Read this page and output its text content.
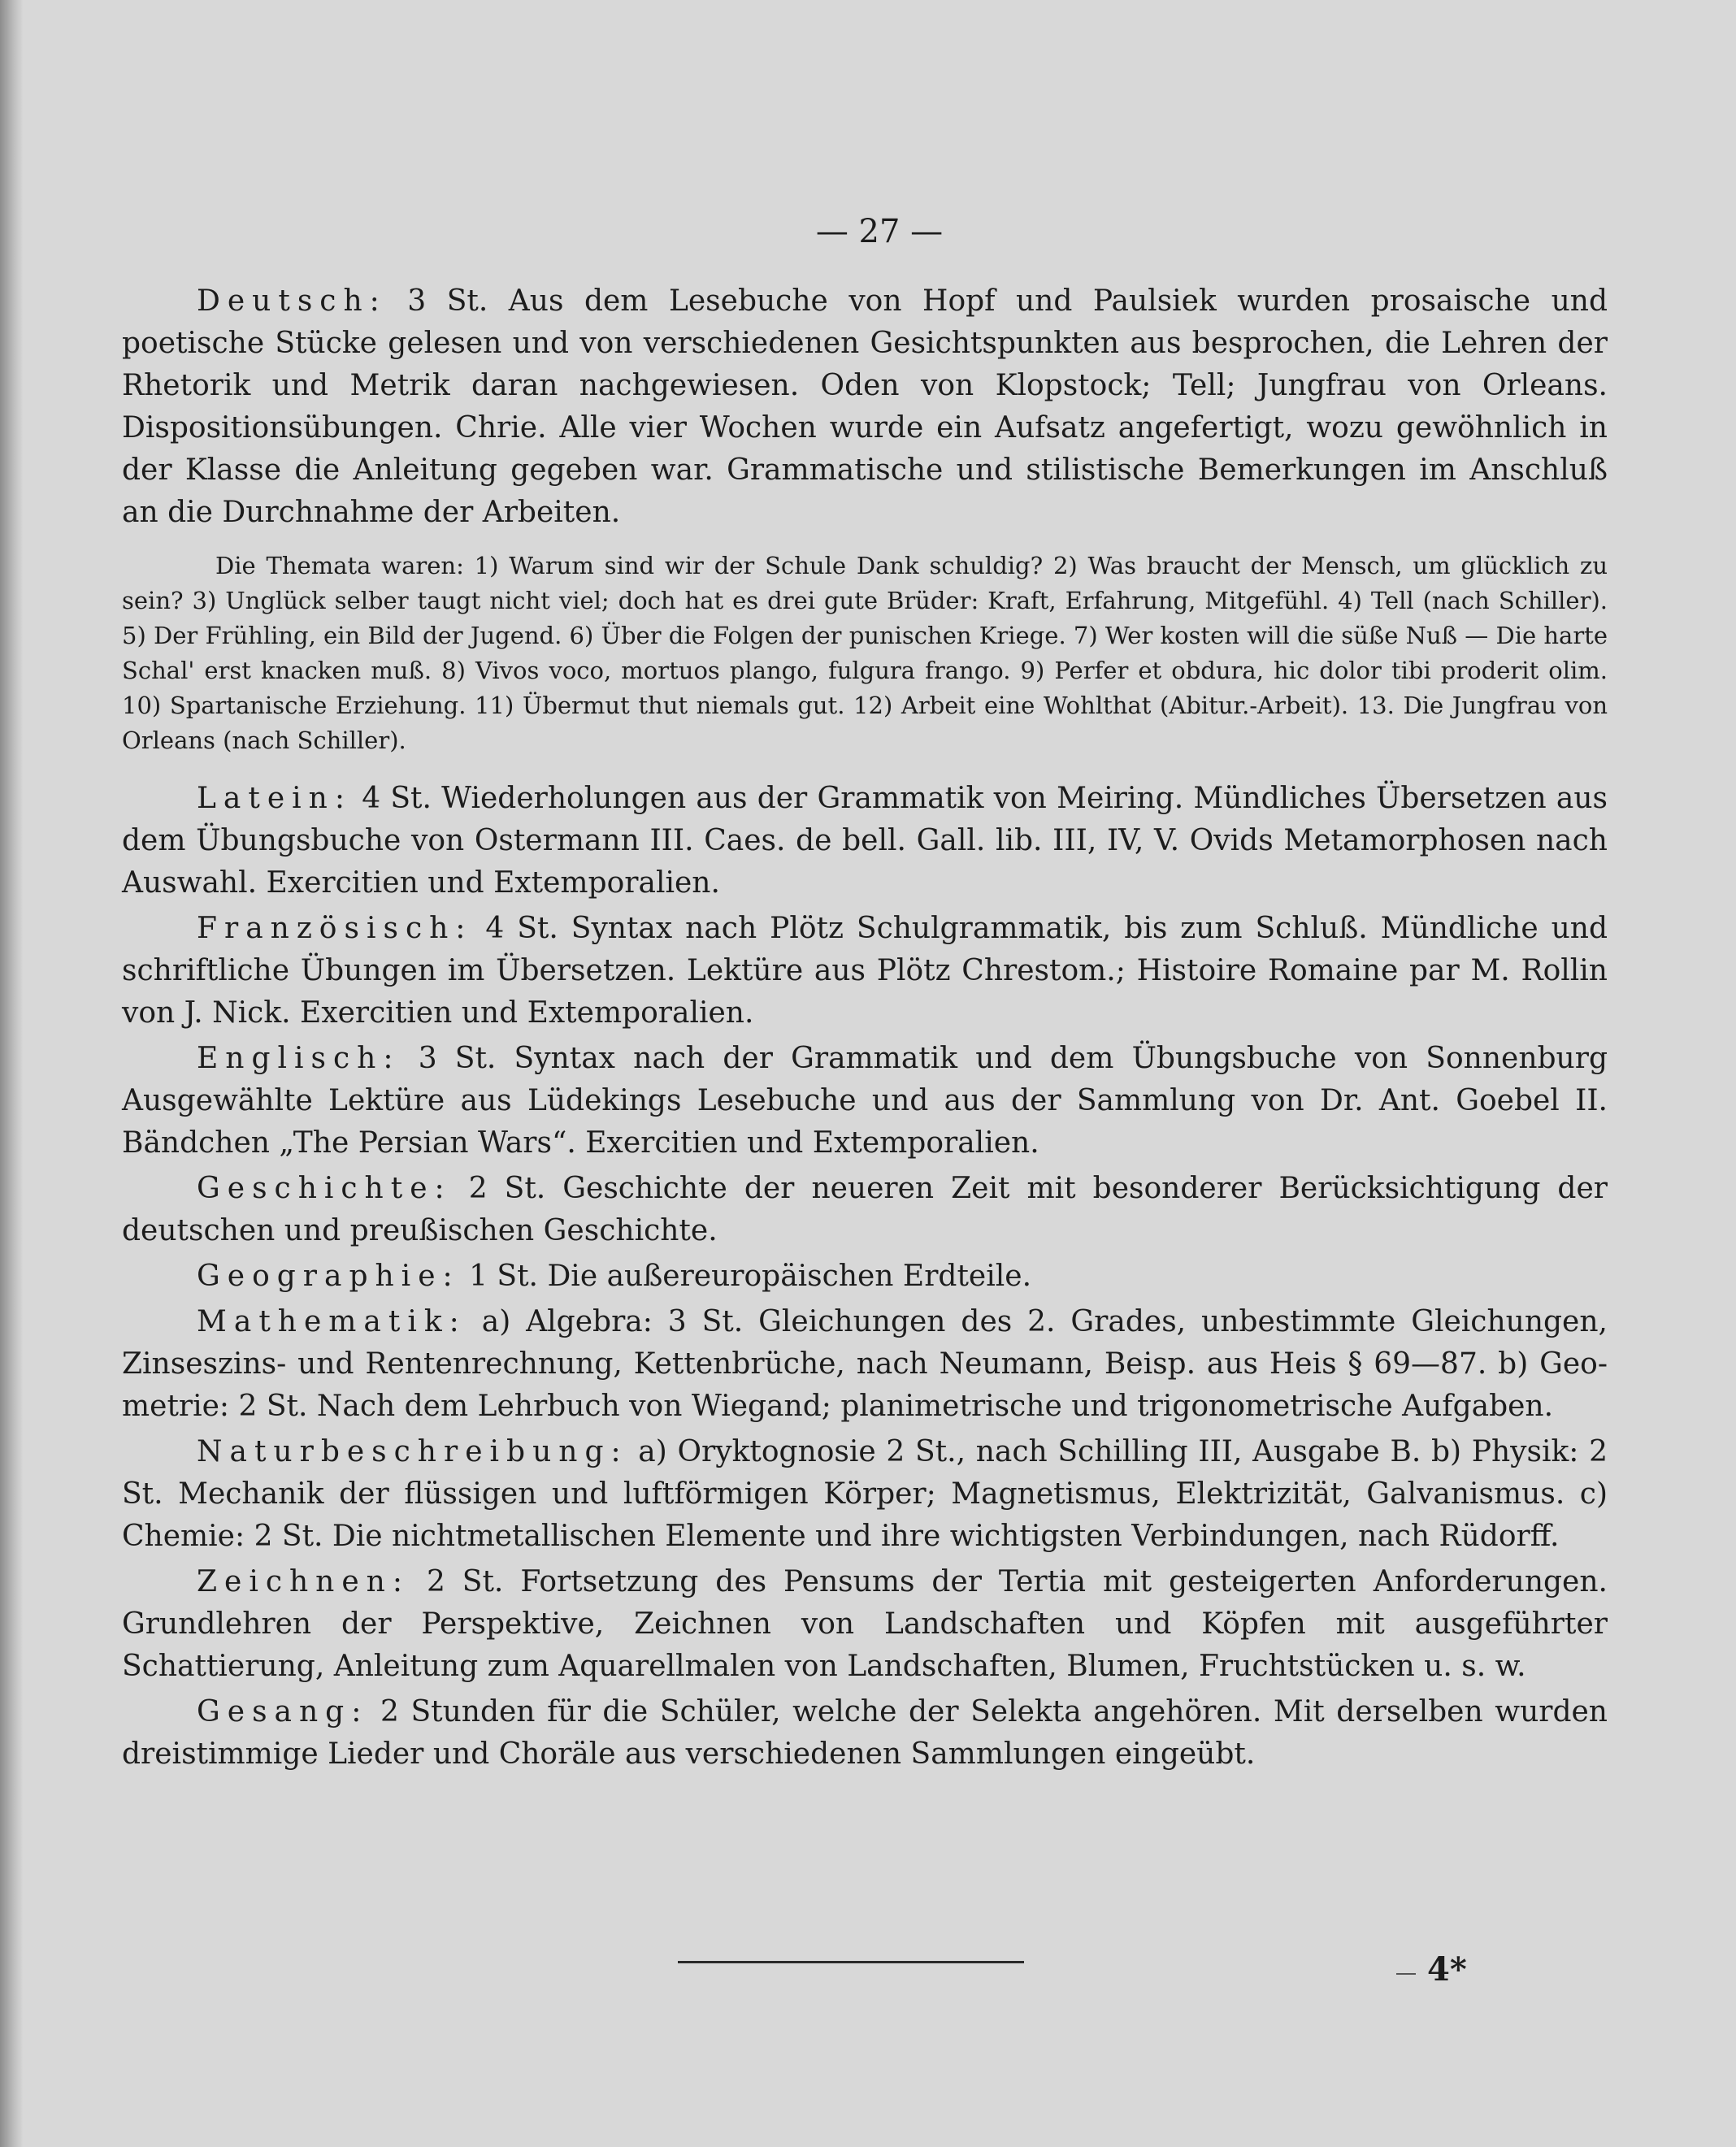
— 27 —

Deutsch: 3 St. Aus dem Lesebuche von Hopf und Paulsiek wurden prosaische und poetische Stücke gelesen und von verschiedenen Gesichtspunkten aus besprochen, die Lehren der Rhetorik und Metrik daran nachgewiesen. Oden von Klopstock; Tell; Jungfrau von Orleans. Dispositionsübungen. Chrie. Alle vier Wochen wurde ein Aufsatz angefertigt, wozu gewöhnlich in der Klasse die Anleitung gegeben war. Grammatische und stilistische Bemerkungen im Anschluß an die Durchnahme der Arbeiten.

Die Themata waren: 1) Warum sind wir der Schule Dank schuldig? 2) Was braucht der Mensch, um glücklich zu sein? 3) Unglück selber taugt nicht viel; doch hat es drei gute Brüder: Kraft, Erfahrung, Mitgefühl. 4) Tell (nach Schiller). 5) Der Frühling, ein Bild der Jugend. 6) Über die Folgen der punischen Kriege. 7) Wer kosten will die süße Nuß — Die harte Schal' erst knacken muß. 8) Vivos voco, mortuos plango, fulgura frango. 9) Perfer et obdura, hic dolor tibi proderit olim. 10) Spartanische Erziehung. 11) Übermut thut niemals gut. 12) Arbeit eine Wohlthat (Abitur.-Arbeit). 13. Die Jungfrau von Orleans (nach Schiller).

Latein: 4 St. Wiederholungen aus der Grammatik von Meiring. Mündliches Übersetzen aus dem Übungsbuche von Ostermann III. Caes. de bell. Gall. lib. III, IV, V. Ovids Metamorphosen nach Auswahl. Exercitien und Extemporalien.

Französisch: 4 St. Syntax nach Plötz Schulgrammatik, bis zum Schluß. Mündliche und schriftliche Übungen im Übersetzen. Lektüre aus Plötz Chrestom.; Histoire Romaine par M. Rollin von J. Nick. Exercitien und Extemporalien.

Englisch: 3 St. Syntax nach der Grammatik und dem Übungsbuche von Sonnenburg Ausgewählte Lektüre aus Lüdekings Lesebuche und aus der Sammlung von Dr. Ant. Goebel II. Bändchen „The Persian Wars“. Exercitien und Extemporalien.

Geschichte: 2 St. Geschichte der neueren Zeit mit besonderer Berücksichtigung der deutschen und preußischen Geschichte.

Geographie: 1 St. Die außereuropäischen Erdteile.

Mathematik: a) Algebra: 3 St. Gleichungen des 2. Grades, unbestimmte Gleichungen, Zinseszins- und Rentenrechnung, Kettenbrüche, nach Neumann, Beisp. aus Heis § 69—87. b) Geometrie: 2 St. Nach dem Lehrbuch von Wiegand; planimetrische und trigonometrische Aufgaben.

Naturbeschreibung: a) Oryktognosie 2 St., nach Schilling III, Ausgabe B. b) Physik: 2 St. Mechanik der flüssigen und luftförmigen Körper; Magnetismus, Elektrizität, Galvanismus. c) Chemie: 2 St. Die nichtmetallischen Elemente und ihre wichtigsten Verbindungen, nach Rüdorff.

Zeichnen: 2 St. Fortsetzung des Pensums der Tertia mit gesteigerten Anforderungen. Grundlehren der Perspektive, Zeichnen von Landschaften und Köpfen mit ausgeführter Schattierung, Anleitung zum Aquarellmalen von Landschaften, Blumen, Fruchtstücken u. s. w.

Gesang: 2 Stunden für die Schüler, welche der Selekta angehören. Mit derselben wurden dreistimmige Lieder und Choräle aus verschiedenen Sammlungen eingeübt.

4*
